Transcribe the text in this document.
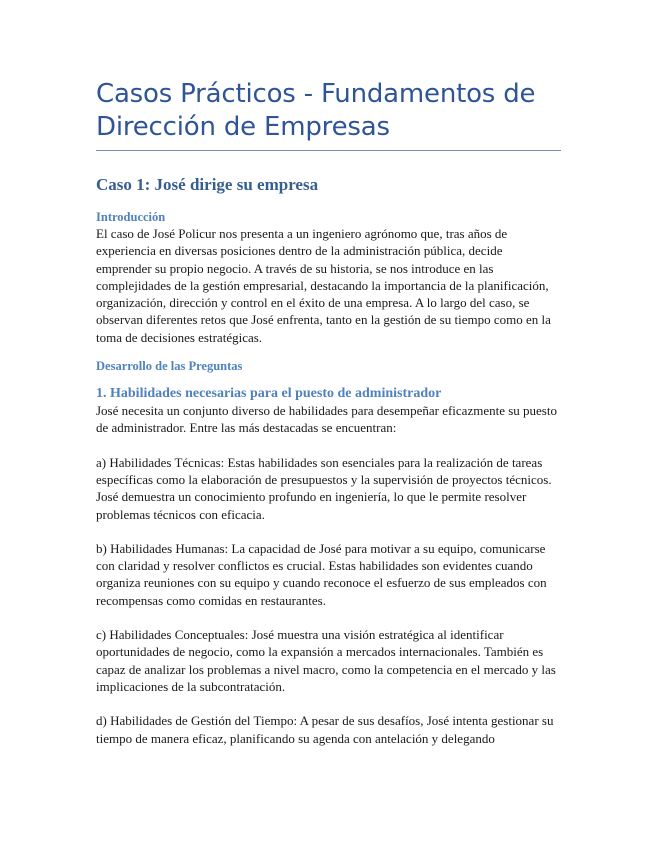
Casos Prácticos - Fundamentos de Dirección de Empresas
Caso 1: José dirige su empresa
Introducción

El caso de José Policur nos presenta a un ingeniero agrónomo que, tras años de experiencia en diversas posiciones dentro de la administración pública, decide emprender su propio negocio. A través de su historia, se nos introduce en las complejidades de la gestión empresarial, destacando la importancia de la planificación, organización, dirección y control en el éxito de una empresa. A lo largo del caso, se observan diferentes retos que José enfrenta, tanto en la gestión de su tiempo como en la toma de decisiones estratégicas.

Desarrollo de las Preguntas
1. Habilidades necesarias para el puesto de administrador

José necesita un conjunto diverso de habilidades para desempeñar eficazmente su puesto de administrador. Entre las más destacadas se encuentran:

a) Habilidades Técnicas: Estas habilidades son esenciales para la realización de tareas específicas como la elaboración de presupuestos y la supervisión de proyectos técnicos. José demuestra un conocimiento profundo en ingeniería, lo que le permite resolver problemas técnicos con eficacia.

b) Habilidades Humanas: La capacidad de José para motivar a su equipo, comunicarse con claridad y resolver conflictos es crucial. Estas habilidades son evidentes cuando organiza reuniones con su equipo y cuando reconoce el esfuerzo de sus empleados con recompensas como comidas en restaurantes.

c) Habilidades Conceptuales: José muestra una visión estratégica al identificar oportunidades de negocio, como la expansión a mercados internacionales. También es capaz de analizar los problemas a nivel macro, como la competencia en el mercado y las implicaciones de la subcontratación.

d) Habilidades de Gestión del Tiempo: A pesar de sus desafíos, José intenta gestionar su tiempo de manera eficaz, planificando su agenda con antelación y delegando
